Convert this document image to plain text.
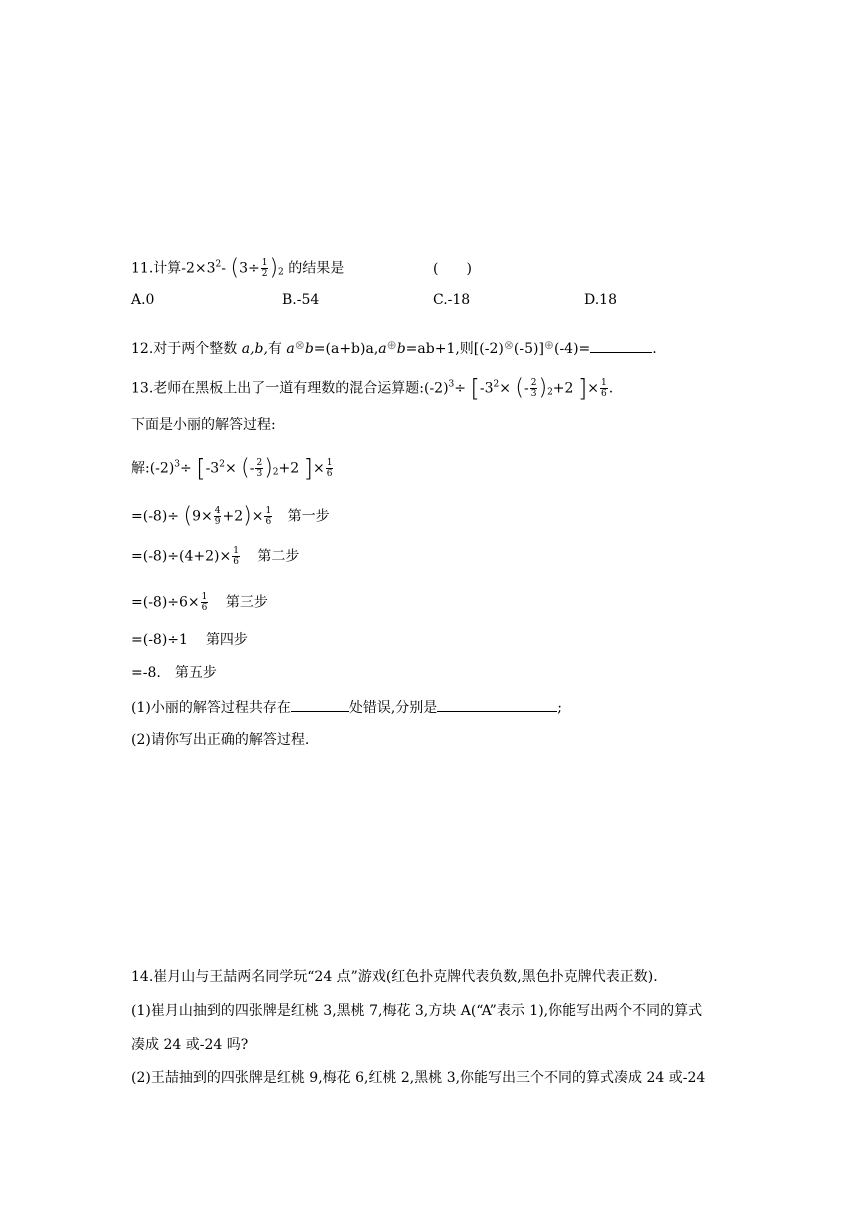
11.计算$-2\times 3^2-$ $(3\div \frac{1}{2} )2$ 的结果是	(　　)
A.0	B.-54	C.-18	D.18
12.对于两个整数 a,b,有 a⊗b=(a+b)a,a⊕b=ab+1,则[(-2)⊗(-5)]⊕(-4)=	.
13.老师在黑板上出了一道有理数的混合运算题$:(-2)^3\div [-3^2\times$ (- $\frac{2}{3} )2+2$ ]× $\frac{1}{6}$ .
下面是小丽的解答过程:
解$:(-2)^3\div [-3^2\times$ (- $\frac{2}{3} )2+2$ ]× $\frac{1}{6}$
$=(-8)\div (9\times \frac{4}{9} +2)\times \frac{1}{6}$ 第一步
$=(-8)\div(4+2)\times \frac{1}{6}$ 第二步
$=(-8)\div 6\times \frac{1}{6}$ 第三步
=(-8)÷1 第四步
=-8. 第五步
(1)小丽的解答过程共存在	处错误,分别是	;
(2)请你写出正确的解答过程.
14.崔月山与王喆两名同学玩“24 点”游戏(红色扑克牌代表负数,黑色扑克牌代表正数).
(1)崔月山抽到的四张牌是红桃 3,黑桃 7,梅花 3,方块 A(“A”表示 1),你能写出两个不同的算式
凑成 24 或-24 吗?
(2)王喆抽到的四张牌是红桃 9,梅花 6,红桃 2,黑桃 3,你能写出三个不同的算式凑成 24 或-24
